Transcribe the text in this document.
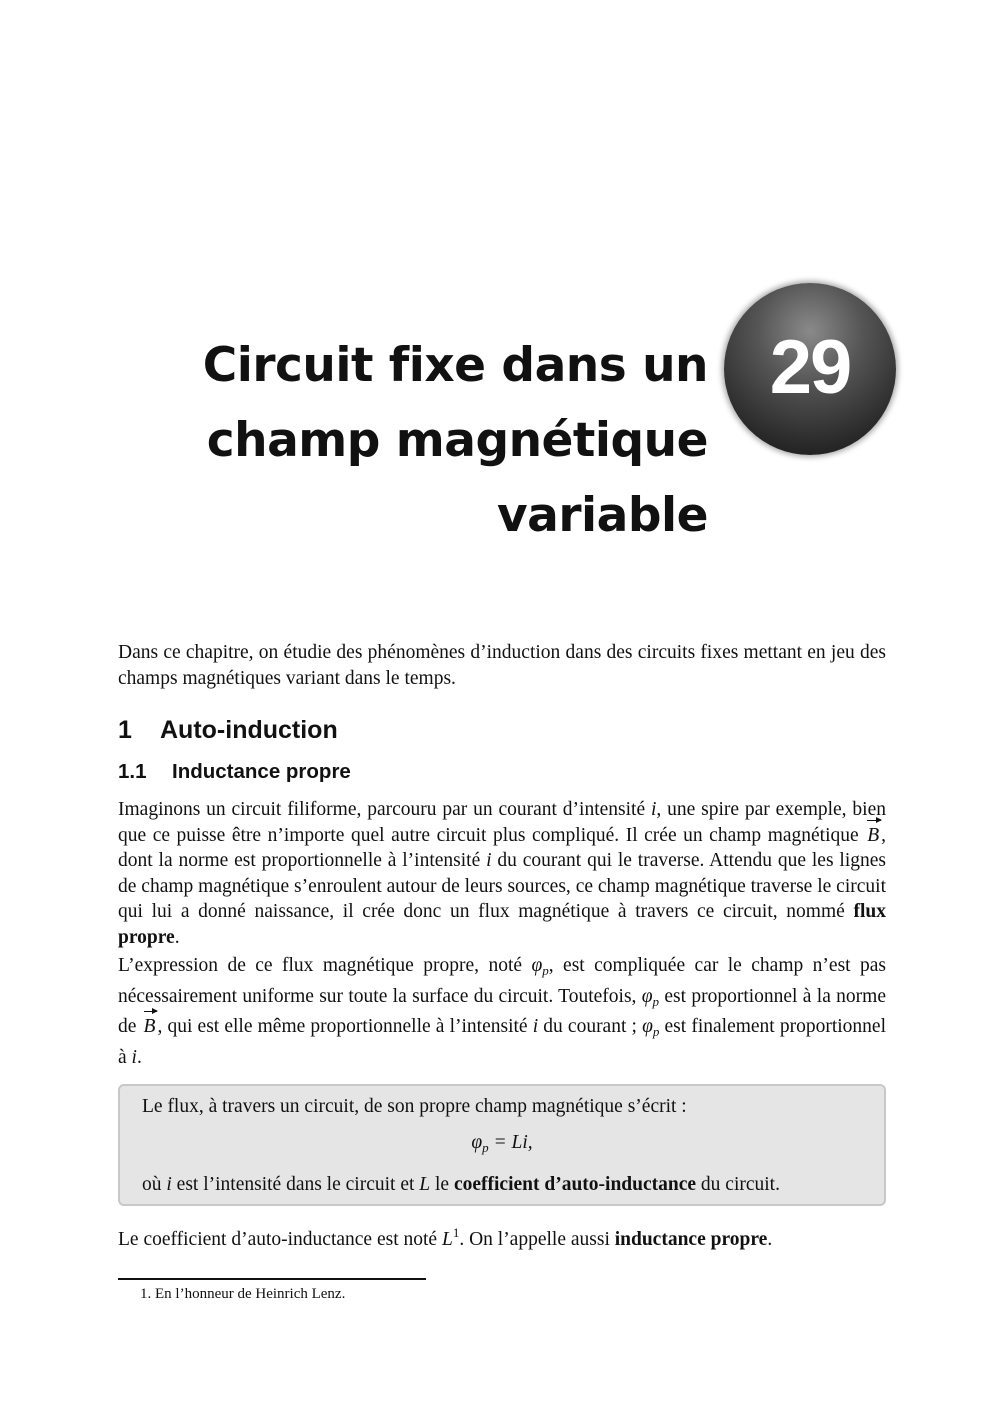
Circuit fixe dans un
champ magnétique
variable
29

Dans ce chapitre, on étudie des phénomènes d’induction dans des circuits fixes mettant en jeu des champs magnétiques variant dans le temps.

1 Auto-induction
1.1 Inductance propre

Imaginons un circuit filiforme, parcouru par un courant d’intensité i, une spire par exemple, bien que ce puisse être n’importe quel autre circuit plus compliqué. Il crée un champ magnétique B , dont la norme est proportionnelle à l’intensité i du courant qui le traverse. Attendu que les lignes de champ magnétique s’enroulent autour de leurs sources, ce champ magnétique traverse le circuit qui lui a donné naissance, il crée donc un flux magnétique à travers ce circuit, nommé flux propre.

L’expression de ce flux magnétique propre, noté $\varphi_p$, est compliquée car le champ n’est pas nécessairement uniforme sur toute la surface du circuit. Toutefois, $\varphi_p$ est proportionnel à la norme de B , qui est elle même proportionnelle à l’intensité i du courant ; $\varphi_p$ est finalement proportionnel à i.

Le flux, à travers un circuit, de son propre champ magnétique s’écrit :

$\varphi_p = Li$,

où i est l’intensité dans le circuit et L le coefficient d’auto-inductance du circuit.

Le coefficient d’auto-inductance est noté $L^1$. On l’appelle aussi inductance propre.

1. En l’honneur de Heinrich Lenz.
